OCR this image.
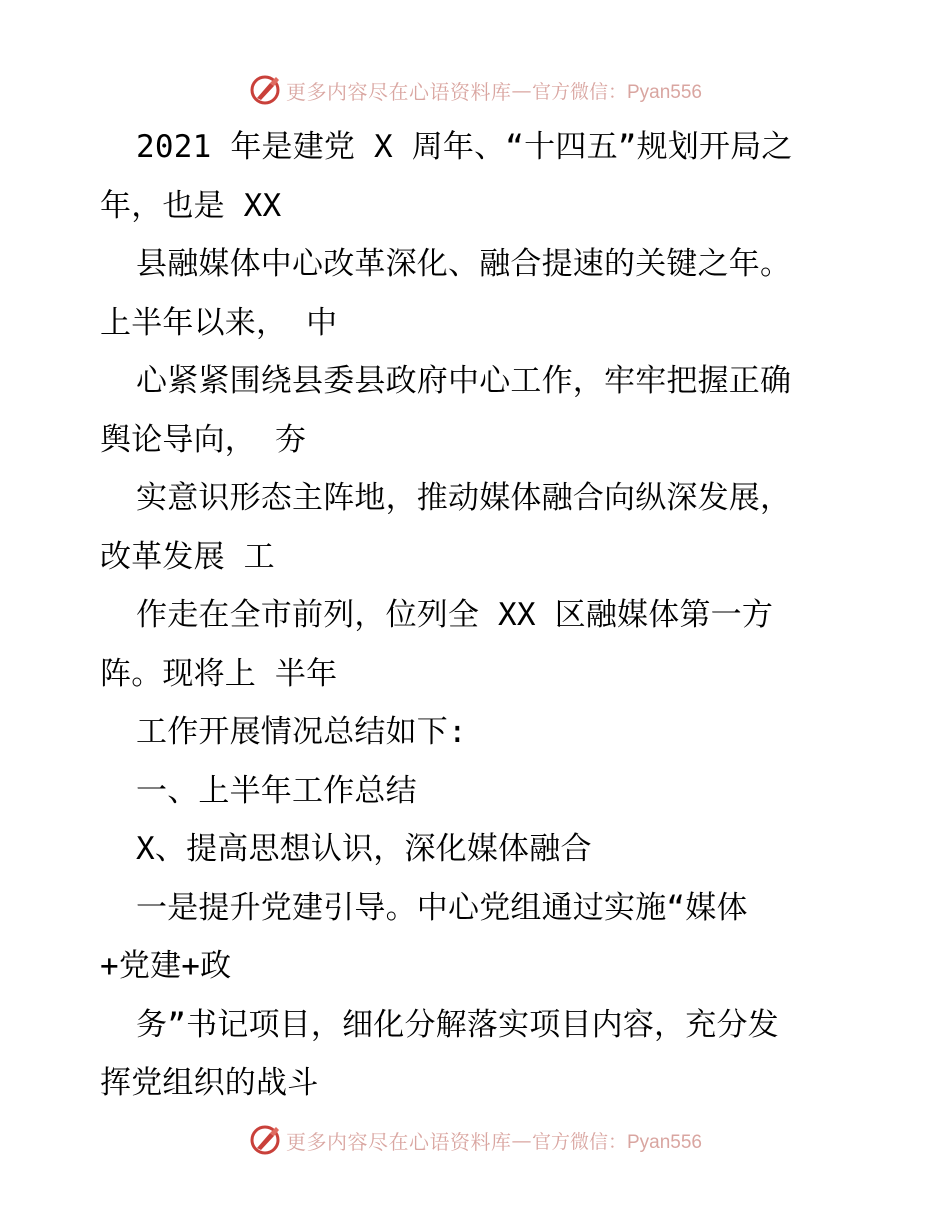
更多内容尽在心语资料库 — 官方微信：Pyan556
2021 年是建党 X 周年、“十四五”规划开局之
年，也是 XX
县融媒体中心改革深化、融合提速的关键之年。
上半年以来， 中
心紧紧围绕县委县政府中心工作，牢牢把握正确
舆论导向， 夯
实意识形态主阵地，推动媒体融合向纵深发展，
改革发展 工
作走在全市前列，位列全 XX 区融媒体第一方
阵。现将上 半年
工作开展情况总结如下:
一、上半年工作总结
X、提高思想认识，深化媒体融合
一是提升党建引导。中心党组通过实施“媒体
+党建+政
务”书记项目，细化分解落实项目内容，充分发
挥党组织的战斗
更多内容尽在心语资料库 — 官方微信：Pyan556
